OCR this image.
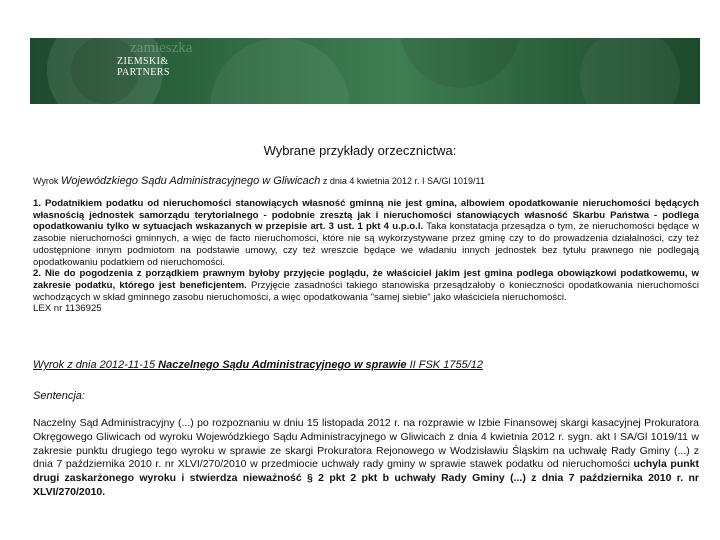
zamieszka
ZIEMSKI&
PARTNERS
Wybrane przykłady orzecznictwa:
Wyrok Wojewódzkiego Sądu Administracyjnego w Gliwicach z dnia 4 kwietnia 2012 r. I SA/Gl 1019/11

1. Podatnikiem podatku od nieruchomości stanowiących własność gminną nie jest gmina, albowiem opodatkowanie nieruchomości będących własnością jednostek samorządu terytorialnego - podobnie zresztą jak i nieruchomości stanowiących własność Skarbu Państwa - podlega opodatkowaniu tylko w sytuacjach wskazanych w przepisie art. 3 ust. 1 pkt 4 u.p.o.l. Taka konstatacja przesądza o tym, że nieruchomości będące w zasobie nieruchomości gminnych, a więc de facto nieruchomości, które nie są wykorzystywane przez gminę czy to do prowadzenia działalności, czy też udostępnione innym podmiotom na podstawie umowy, czy też wreszcie będące we władaniu innych jednostek bez tytułu prawnego nie podlegają opodatkowaniu podatkiem od nieruchomości.

2. Nie do pogodzenia z porządkiem prawnym byłoby przyjęcie poglądu, że właściciel jakim jest gmina podlega obowiązkowi podatkowemu, w zakresie podatku, którego jest beneficjentem. Przyjęcie zasadności takiego stanowiska przesądzałoby o konieczności opodatkowania nieruchomości wchodzących w skład gminnego zasobu nieruchomości, a więc opodatkowania "samej siebie" jako właściciela nieruchomości.

LEX nr 1136925

Wyrok z dnia 2012-11-15 Naczelnego Sądu Administracyjnego w sprawie II FSK 1755/12
Sentencja:

Naczelny Sąd Administracyjny (...) po rozpoznaniu w dniu 15 listopada 2012 r. na rozprawie w Izbie Finansowej skargi kasacyjnej Prokuratora Okręgowego Gliwicach od wyroku Wojewódzkiego Sądu Administracyjnego w Gliwicach z dnia 4 kwietnia 2012 r. sygn. akt I SA/Gl 1019/11 w zakresie punktu drugiego tego wyroku w sprawie ze skargi Prokuratora Rejonowego w Wodzisławiu Śląskim na uchwałę Rady Gminy (...) z dnia 7 października 2010 r. nr XLVI/270/2010 w przedmiocie uchwały rady gminy w sprawie stawek podatku od nieruchomości uchyla punkt drugi zaskarżonego wyroku i stwierdza nieważność § 2 pkt 2 pkt b uchwały Rady Gminy (...) z dnia 7 października 2010 r. nr XLVI/270/2010.
